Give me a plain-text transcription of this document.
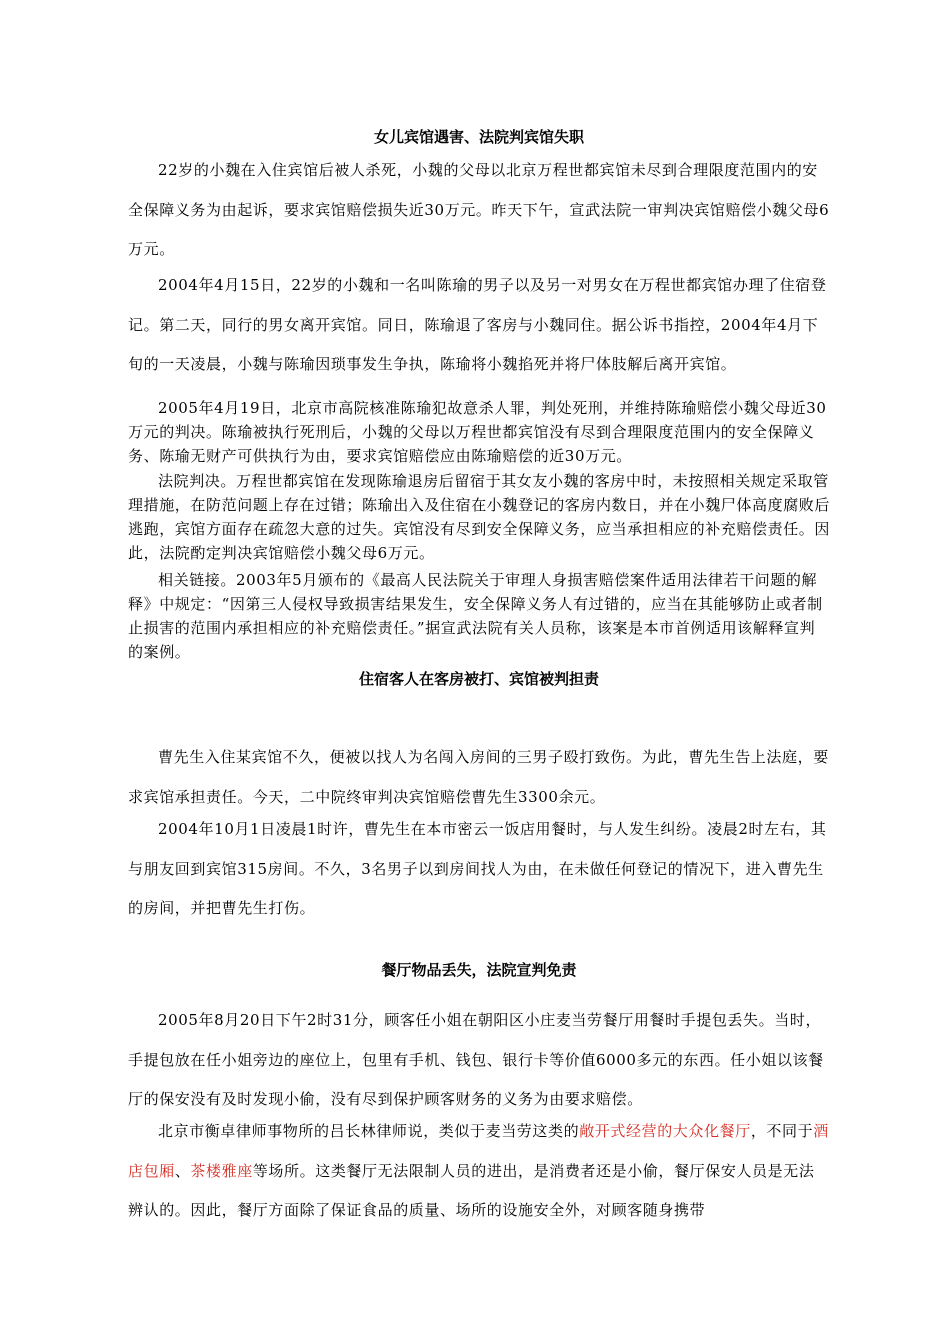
女儿宾馆遇害、法院判宾馆失职

22岁的小魏在入住宾馆后被人杀死，小魏的父母以北京万程世都宾馆未尽到合理限度范围内的安全保障义务为由起诉，要求宾馆赔偿损失近30万元。昨天下午，宣武法院一审判决宾馆赔偿小魏父母6万元。

2004年4月15日，22岁的小魏和一名叫陈瑜的男子以及另一对男女在万程世都宾馆办理了住宿登记。第二天，同行的男女离开宾馆。同日，陈瑜退了客房与小魏同住。据公诉书指控，2004年4月下旬的一天凌晨，小魏与陈瑜因琐事发生争执，陈瑜将小魏掐死并将尸体肢解后离开宾馆。

2005年4月19日，北京市高院核准陈瑜犯故意杀人罪，判处死刑，并维持陈瑜赔偿小魏父母近30万元的判决。陈瑜被执行死刑后，小魏的父母以万程世都宾馆没有尽到合理限度范围内的安全保障义务、陈瑜无财产可供执行为由，要求宾馆赔偿应由陈瑜赔偿的近30万元。

法院判决。万程世都宾馆在发现陈瑜退房后留宿于其女友小魏的客房中时，未按照相关规定采取管理措施，在防范问题上存在过错；陈瑜出入及住宿在小魏登记的客房内数日，并在小魏尸体高度腐败后逃跑，宾馆方面存在疏忽大意的过失。宾馆没有尽到安全保障义务，应当承担相应的补充赔偿责任。因此，法院酌定判决宾馆赔偿小魏父母6万元。

相关链接。2003年5月颁布的《最高人民法院关于审理人身损害赔偿案件适用法律若干问题的解释》中规定：“因第三人侵权导致损害结果发生，安全保障义务人有过错的，应当在其能够防止或者制止损害的范围内承担相应的补充赔偿责任。”据宣武法院有关人员称，该案是本市首例适用该解释宣判的案例。

住宿客人在客房被打、宾馆被判担责

曹先生入住某宾馆不久，便被以找人为名闯入房间的三男子殴打致伤。为此，曹先生告上法庭，要求宾馆承担责任。今天，二中院终审判决宾馆赔偿曹先生3300余元。

2004年10月1日凌晨1时许，曹先生在本市密云一饭店用餐时，与人发生纠纷。凌晨2时左右，其与朋友回到宾馆315房间。不久，3名男子以到房间找人为由，在未做任何登记的情况下，进入曹先生的房间，并把曹先生打伤。

餐厅物品丢失，法院宣判免责

2005年8月20日下午2时31分，顾客任小姐在朝阳区小庄麦当劳餐厅用餐时手提包丢失。当时，手提包放在任小姐旁边的座位上，包里有手机、钱包、银行卡等价值6000多元的东西。任小姐以该餐厅的保安没有及时发现小偷，没有尽到保护顾客财务的义务为由要求赔偿。

北京市衡卓律师事物所的吕长林律师说，类似于麦当劳这类的敞开式经营的大众化餐厅，不同于酒店包厢、茶楼雅座等场所。这类餐厅无法限制人员的进出，是消费者还是小偷，餐厅保安人员是无法辨认的。因此，餐厅方面除了保证食品的质量、场所的设施安全外，对顾客随身携带
